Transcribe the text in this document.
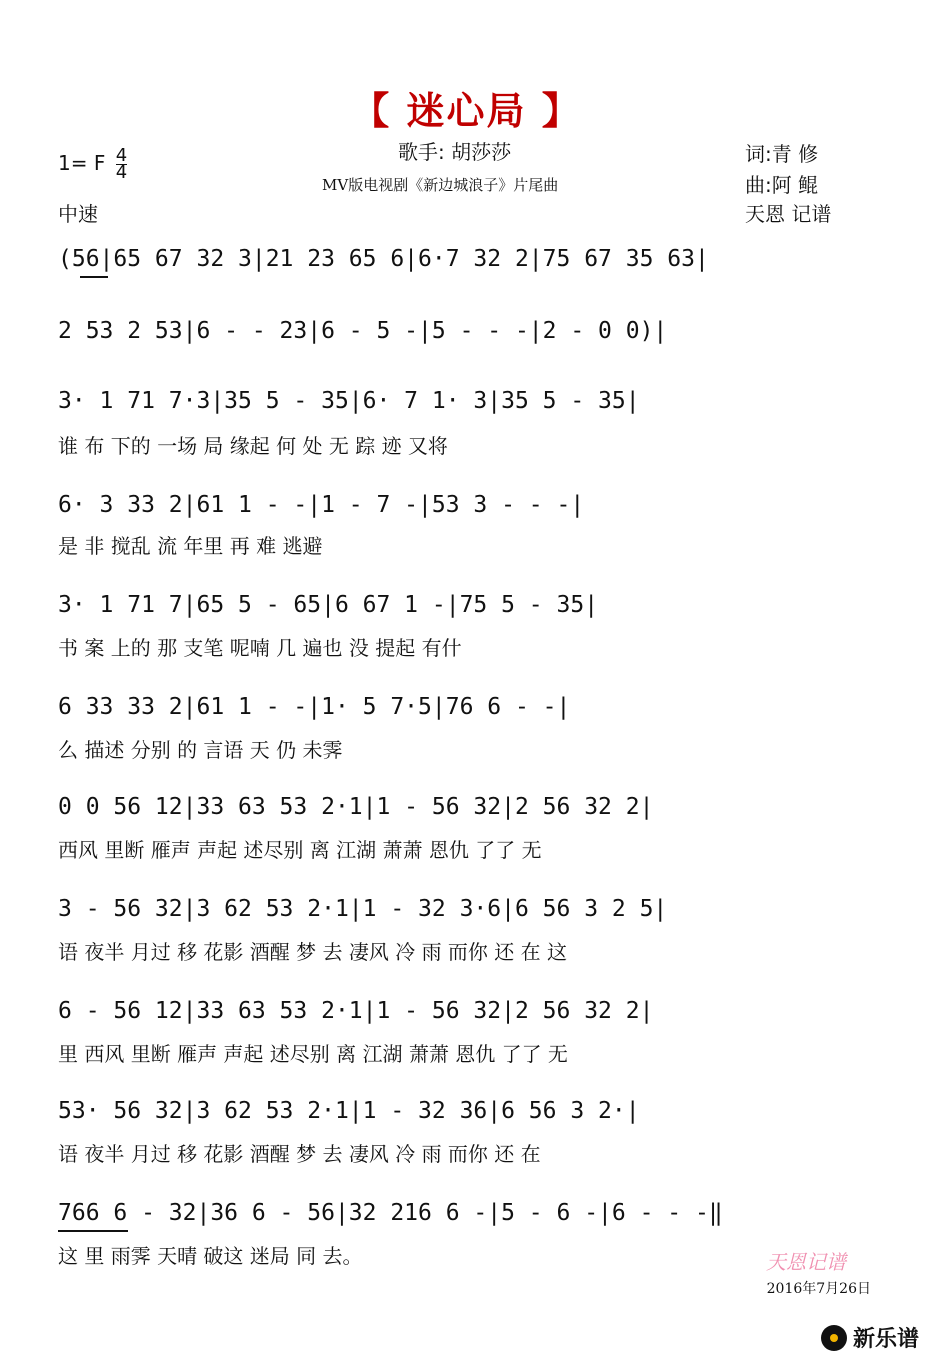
【 迷心局 】
歌手: 胡莎莎
MV版电视剧《新边城浪子》片尾曲
1= F $\frac{4}{4}$
中速
词:青 修
曲:阿 鲲
天恩 记谱
(56|65 67 32 3|21 23 65 6|6·7 32 2|75 67 35 63|
2 53 2 53|6 - - 23|6 - 5 -|5 - - -|2 - 0 0)|
3· 1 71 7·3|35 5 - 35|6· 7 1· 3|35 5 - 35|
谁 布 下的 一场 局 缘起 何 处 无 踪 迹 又将
6· 3 33 2|61 1 - -|1 - 7 -|53 3 - - -|
是 非 搅乱 流 年里 再 难 逃避
3· 1 71 7|65 5 - 65|6 67 1 -|75 5 - 35|
书 案 上的 那 支笔 呢喃 几 遍也 没 提起 有什
6 33 33 2|61 1 - -|1· 5 7·5|76 6 - -|
么 描述 分别 的 言语 天 仍 未霁
0 0 56 12|33 63 53 2·1|1 - 56 32|2 56 32 2|
西风 里断 雁声 声起 述尽别 离 江湖 萧萧 恩仇 了了 无
3 - 56 32|3 62 53 2·1|1 - 32 3·6|6 56 3 2 5|
语 夜半 月过 移 花影 酒醒 梦 去 凄风 冷 雨 而你 还 在 这
6 - 56 12|33 63 53 2·1|1 - 56 32|2 56 32 2|
里 西风 里断 雁声 声起 述尽别 离 江湖 萧萧 恩仇 了了 无
53· 56 32|3 62 53 2·1|1 - 32 36|6 56 3 2·|
语 夜半 月过 移 花影 酒醒 梦 去 凄风 冷 雨 而你 还 在
766 6 - 32|36 6 - 56|32 216 6 -|5 - 6 -|6 - - -‖
这 里 雨霁 天晴 破这 迷局 同 去。	天恩记谱
2016年7月26日
新乐谱
